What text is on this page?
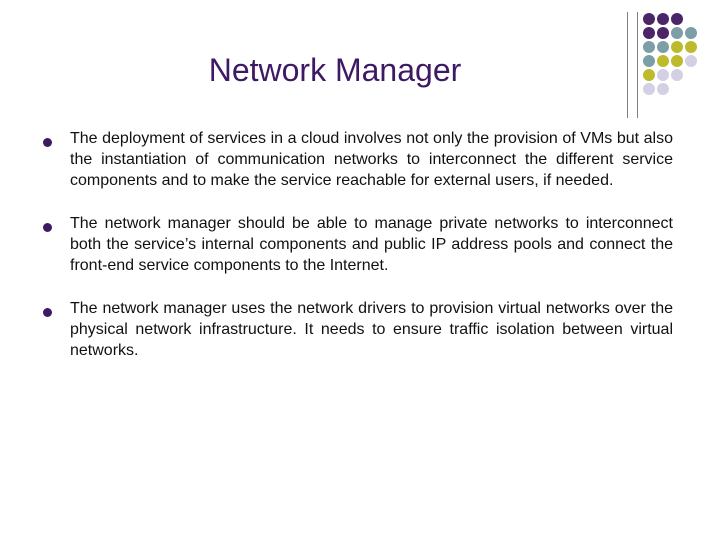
Network Manager
The deployment of services in a cloud involves not only the provision of VMs but also the instantiation of communication networks to interconnect the different service components and to make the service reachable for external users, if needed.
The network manager should be able to manage private networks to interconnect both the service’s internal components and public IP address pools and connect the front-end service components to the Internet.
The network manager uses the network drivers to provision virtual networks over the physical network infrastructure. It needs to ensure traffic isolation between virtual networks.
